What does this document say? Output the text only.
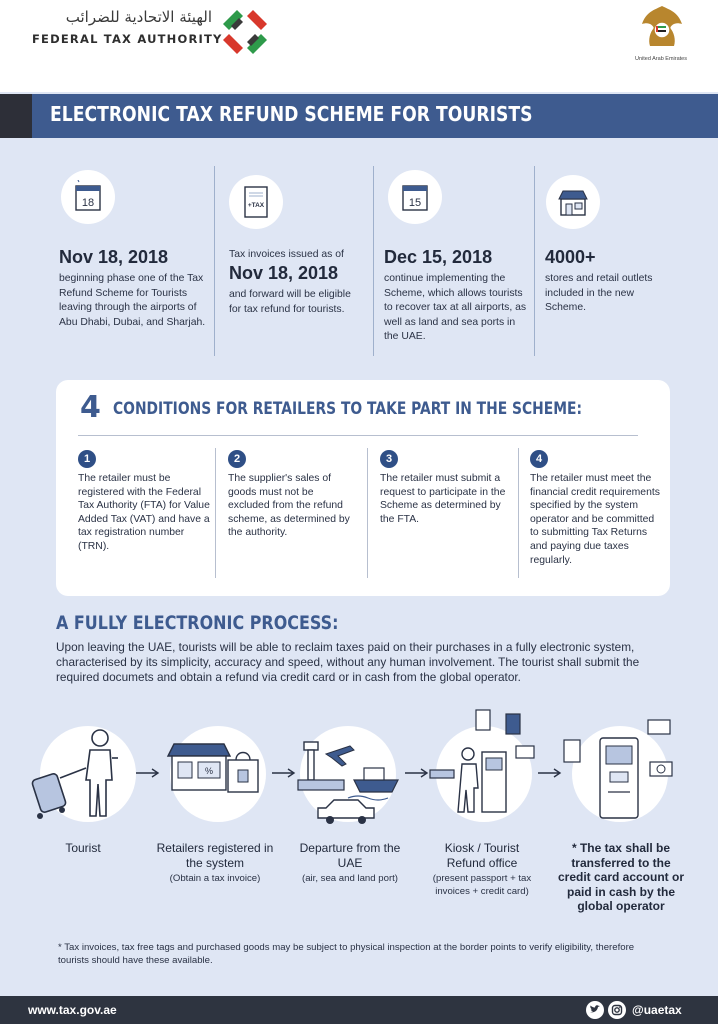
الهيئة الاتحادية للضرائب
FEDERAL TAX AUTHORITY
United Arab Emirates
ELECTRONIC TAX REFUND SCHEME FOR TOURISTS
18
Nov 18, 2018
beginning phase one of the Tax Refund Scheme for Tourists leaving through the airports of Abu Dhabi, Dubai, and Sharjah.
+TAX
Tax invoices issued as of
Nov 18, 2018
and forward will be eligible for tax refund for tourists.
15
Dec 15, 2018
continue implementing the Scheme, which allows tourists to recover tax at all airports, as well as land and sea ports in the UAE.
4000+
stores and retail outlets included in the new Scheme.
4 CONDITIONS FOR RETAILERS TO TAKE PART IN THE SCHEME:
1
The retailer must be registered with the Federal Tax Authority (FTA) for Value Added Tax (VAT) and have a tax registration number (TRN).
2
The supplier's sales of goods must not be excluded from the refund scheme, as determined by the authority.
3
The retailer must submit a request to participate in the Scheme as determined by the FTA.
4
The retailer must meet the financial credit requirements specified by the system operator and be committed to submitting Tax Returns and paying due taxes regularly.
A FULLY ELECTRONIC PROCESS:
Upon leaving the UAE, tourists will be able to reclaim taxes paid on their purchases in a fully electronic system, characterised by its simplicity, accuracy and speed, without any human involvement. The tourist shall submit the required documets and obtain a refund via credit card or in cash from the global operator.
%
Tourist	Retailers registered in the system
(Obtain a tax invoice)
Departure from the UAE
(air, sea and land port)
Kiosk / Tourist Refund office
(present passport + tax invoices + credit card)
* The tax shall be transferred to the credit card account or paid in cash by the global operator
* Tax invoices, tax free tags and purchased goods may be subject to physical inspection at the border points to verify eligibility, therefore tourists should have these available.
www.tax.gov.ae	@uaetax
